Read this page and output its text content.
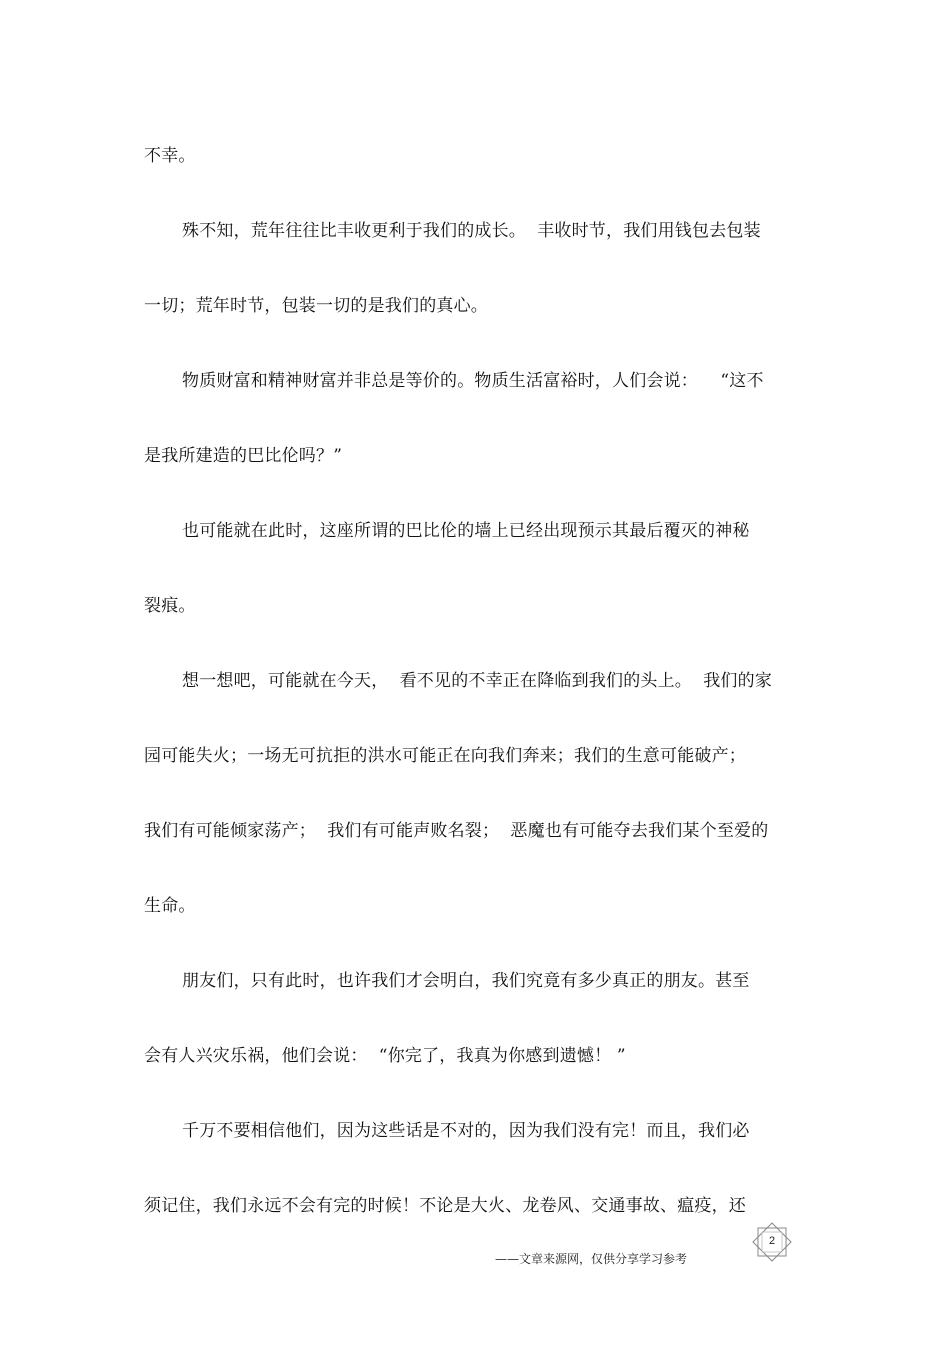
不幸。
殊不知，荒年往往比丰收更利于我们的成长。  丰收时节，我们用钱包去包装
一切；荒年时节，包装一切的是我们的真心。
物质财富和精神财富并非总是等价的。物质生活富裕时，人们会说：    “这不
是我所建造的巴比伦吗？”
也可能就在此时，这座所谓的巴比伦的墙上已经出现预示其最后覆灭的神秘
裂痕。
想一想吧，可能就在今天，  看不见的不幸正在降临到我们的头上。  我们的家
园可能失火；一场无可抗拒的洪水可能正在向我们奔来；我们的生意可能破产；
我们有可能倾家荡产；  我们有可能声败名裂；  恶魔也有可能夺去我们某个至爱的
生命。
朋友们，只有此时，也许我们才会明白，我们究竟有多少真正的朋友。甚至
会有人兴灾乐祸，他们会说：  “你完了，我真为你感到遗憾！ ”
千万不要相信他们，因为这些话是不对的，因为我们没有完！而且，我们必
须记住，我们永远不会有完的时候！不论是大火、龙卷风、交通事故、瘟疫，还
——文章来源网，仅供分享学习参考
2
